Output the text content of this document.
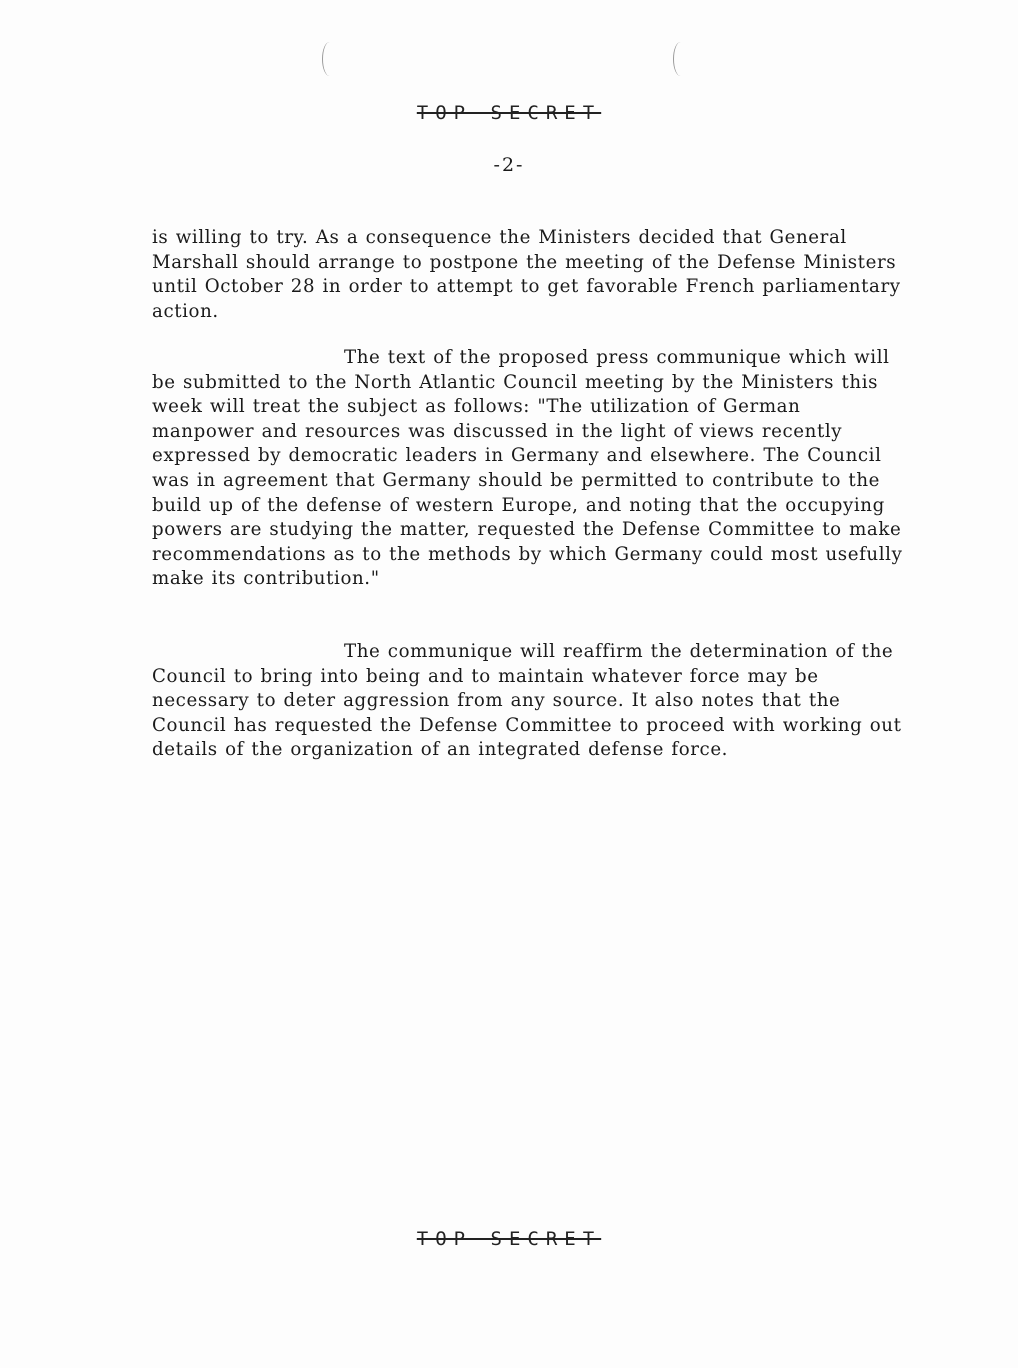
TOP SECRET
-2-

is willing to try. As a consequence the Ministers decided that General Marshall should arrange to postpone the meeting of the Defense Ministers until October 28 in order to attempt to get favorable French parliamentary action.

The text of the proposed press communique which will be submitted to the North Atlantic Council meeting by the Ministers this week will treat the subject as follows: "The utilization of German manpower and resources was discussed in the light of views recently expressed by democratic leaders in Germany and elsewhere. The Council was in agreement that Germany should be permitted to contribute to the build up of the defense of western Europe, and noting that the occupying powers are studying the matter, requested the Defense Committee to make recommendations as to the methods by which Germany could most usefully make its contribution."

The communique will reaffirm the determination of the Council to bring into being and to maintain whatever force may be necessary to deter aggression from any source. It also notes that the Council has requested the Defense Committee to proceed with working out details of the organization of an integrated defense force.

TOP SECRET
